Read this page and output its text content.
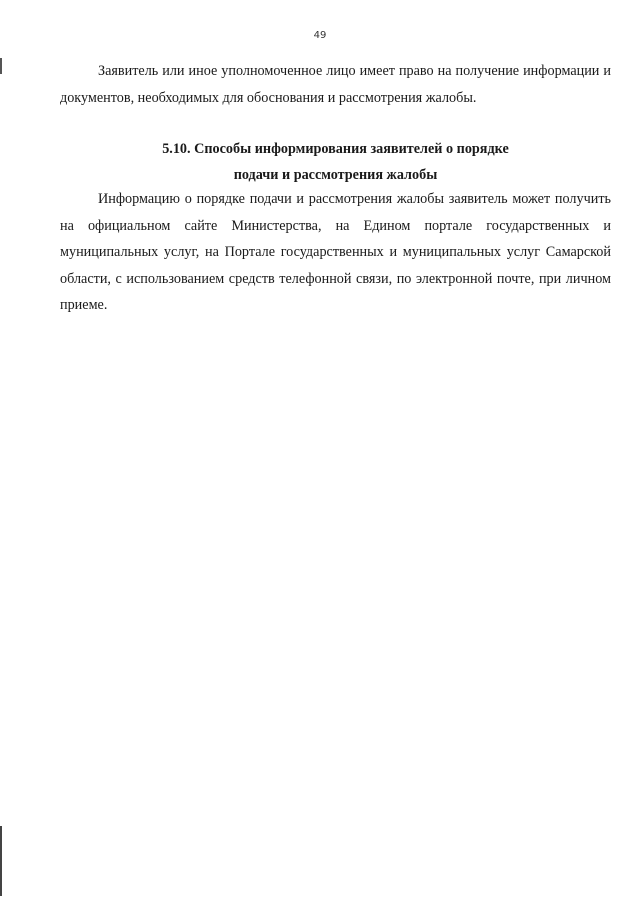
49

Заявитель или иное уполномоченное лицо имеет право на получение информации и документов, необходимых для обоснования и рассмотрения жалобы.

5.10. Способы информирования заявителей о порядке

подачи и рассмотрения жалобы

Информацию о порядке подачи и рассмотрения жалобы заявитель может получить на официальном сайте Министерства, на Едином портале государственных и муниципальных услуг, на Портале государственных и муниципальных услуг Самарской области, с использованием средств телефонной связи, по электронной почте, при личном приеме.
